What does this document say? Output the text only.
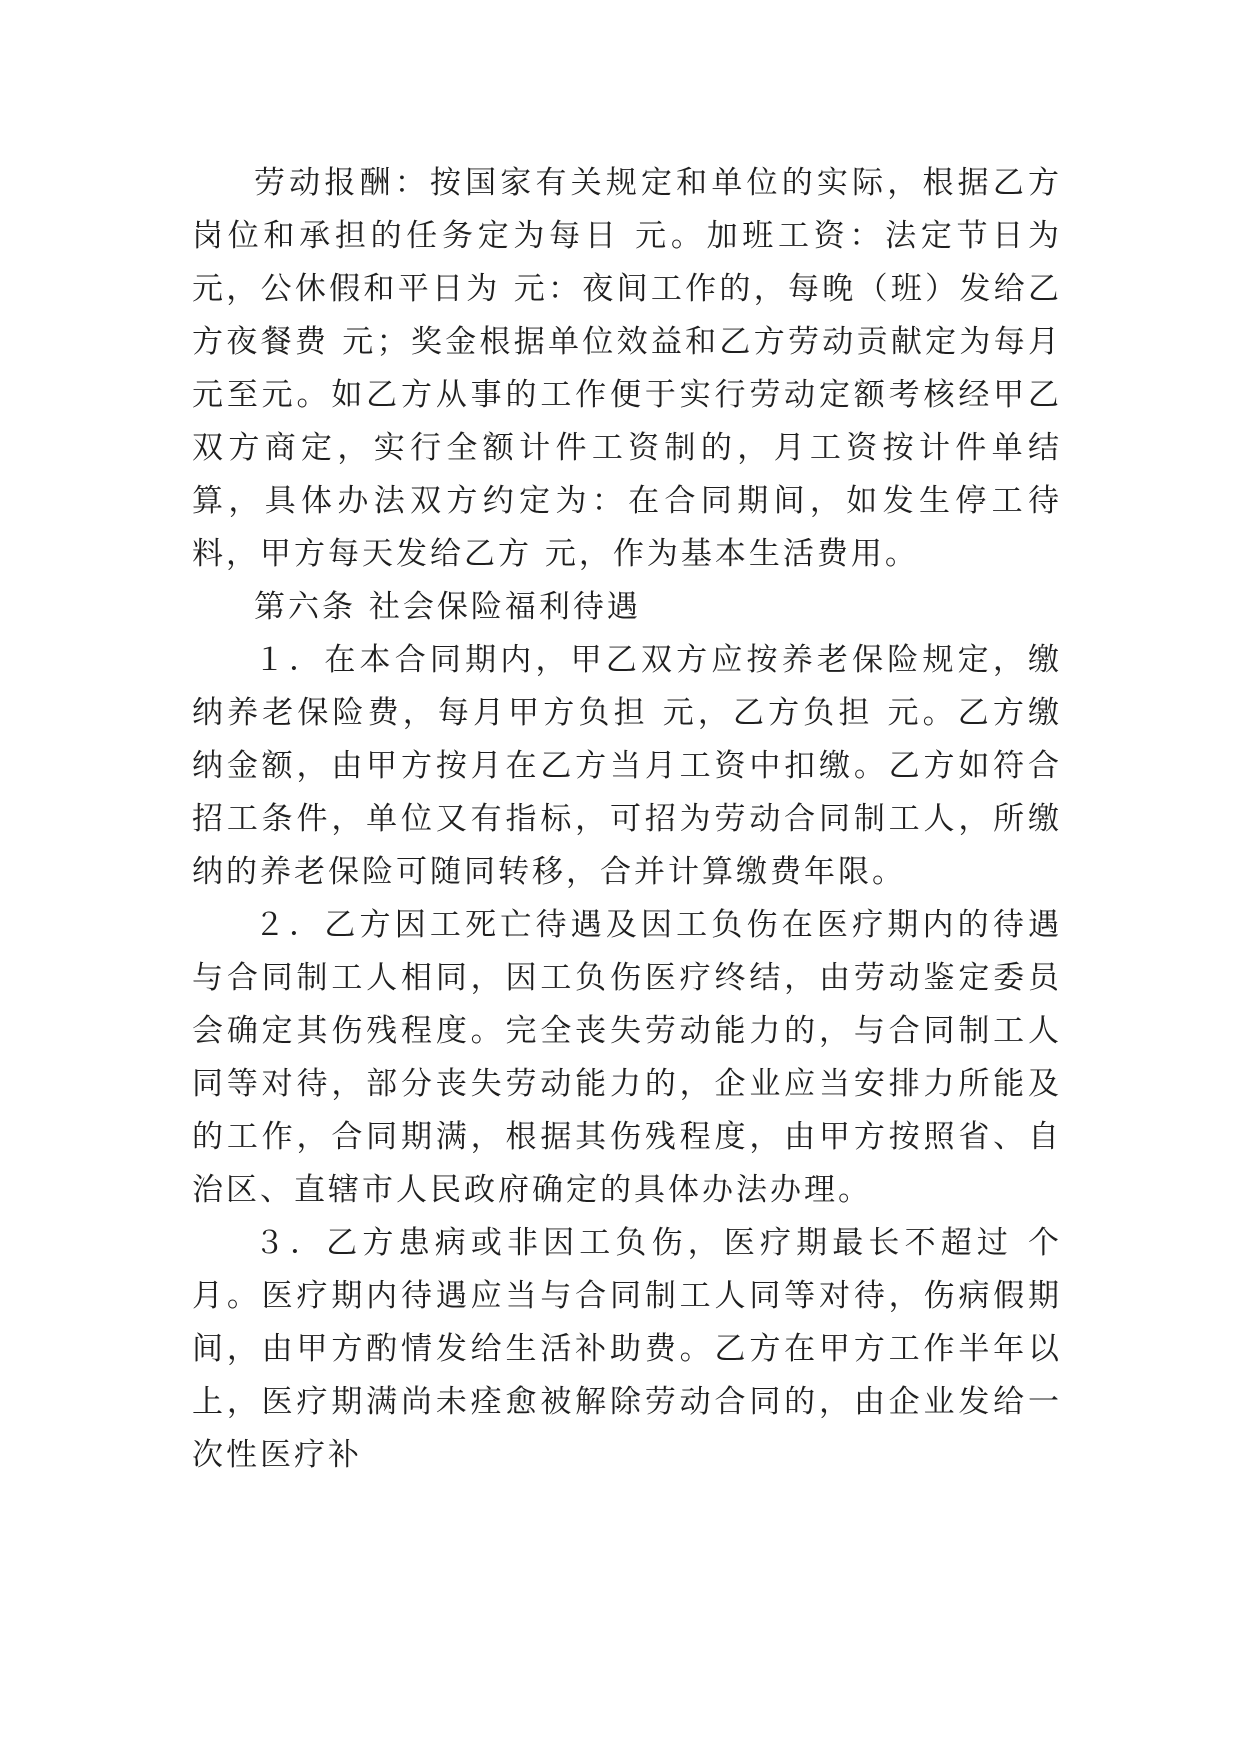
劳动报酬：按国家有关规定和单位的实际，根据乙方岗位和承担的任务定为每日 元。加班工资：法定节日为 元，公休假和平日为 元：夜间工作的，每晚（班）发给乙方夜餐费 元；奖金根据单位效益和乙方劳动贡献定为每月元至元。如乙方从事的工作便于实行劳动定额考核经甲乙双方商定，实行全额计件工资制的，月工资按计件单结算，具体办法双方约定为：在合同期间，如发生停工待料，甲方每天发给乙方 元，作为基本生活费用。

第六条 社会保险福利待遇

１．在本合同期内，甲乙双方应按养老保险规定，缴纳养老保险费，每月甲方负担 元，乙方负担 元。乙方缴纳金额，由甲方按月在乙方当月工资中扣缴。乙方如符合招工条件，单位又有指标，可招为劳动合同制工人，所缴纳的养老保险可随同转移，合并计算缴费年限。

２．乙方因工死亡待遇及因工负伤在医疗期内的待遇与合同制工人相同，因工负伤医疗终结，由劳动鉴定委员会确定其伤残程度。完全丧失劳动能力的，与合同制工人同等对待，部分丧失劳动能力的，企业应当安排力所能及的工作，合同期满，根据其伤残程度，由甲方按照省、自治区、直辖市人民政府确定的具体办法办理。

３．乙方患病或非因工负伤，医疗期最长不超过 个月。医疗期内待遇应当与合同制工人同等对待，伤病假期间，由甲方酌情发给生活补助费。乙方在甲方工作半年以上，医疗期满尚未痊愈被解除劳动合同的，由企业发给一次性医疗补
